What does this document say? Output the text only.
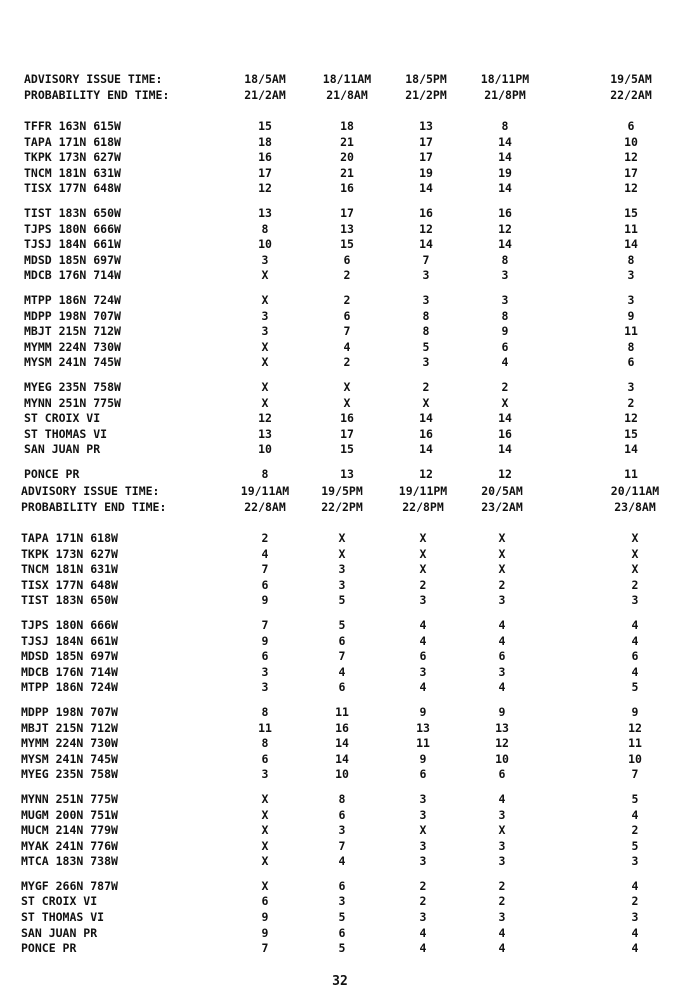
ADVISORY ISSUE TIME:	18/5AM	18/11AM	18/5PM	18/11PM	19/5AM
PROBABILITY END TIME:	21/2AM	21/8AM	21/2PM	21/8PM	22/2AM
TFFR 163N 615W	15	18	13	8	6
TAPA 171N 618W	18	21	17	14	10
TKPK 173N 627W	16	20	17	14	12
TNCM 181N 631W	17	21	19	19	17
TISX 177N 648W	12	16	14	14	12
TIST 183N 650W	13	17	16	16	15
TJPS 180N 666W	8	13	12	12	11
TJSJ 184N 661W	10	15	14	14	14
MDSD 185N 697W	3	6	7	8	8
MDCB 176N 714W	X	2	3	3	3
MTPP 186N 724W	X	2	3	3	3
MDPP 198N 707W	3	6	8	8	9
MBJT 215N 712W	3	7	8	9	11
MYMM 224N 730W	X	4	5	6	8
MYSM 241N 745W	X	2	3	4	6
MYEG 235N 758W	X	X	2	2	3
MYNN 251N 775W	X	X	X	X	2
ST CROIX VI	12	16	14	14	12
ST THOMAS VI	13	17	16	16	15
SAN JUAN PR	10	15	14	14	14
PONCE PR	8	13	12	12	11
ADVISORY ISSUE TIME:	19/11AM	19/5PM	19/11PM	20/5AM	20/11AM
PROBABILITY END TIME:	22/8AM	22/2PM	22/8PM	23/2AM	23/8AM
TAPA 171N 618W	2	X	X	X	X
TKPK 173N 627W	4	X	X	X	X
TNCM 181N 631W	7	3	X	X	X
TISX 177N 648W	6	3	2	2	2
TIST 183N 650W	9	5	3	3	3
TJPS 180N 666W	7	5	4	4	4
TJSJ 184N 661W	9	6	4	4	4
MDSD 185N 697W	6	7	6	6	6
MDCB 176N 714W	3	4	3	3	4
MTPP 186N 724W	3	6	4	4	5
MDPP 198N 707W	8	11	9	9	9
MBJT 215N 712W	11	16	13	13	12
MYMM 224N 730W	8	14	11	12	11
MYSM 241N 745W	6	14	9	10	10
MYEG 235N 758W	3	10	6	6	7
MYNN 251N 775W	X	8	3	4	5
MUGM 200N 751W	X	6	3	3	4
MUCM 214N 779W	X	3	X	X	2
MYAK 241N 776W	X	7	3	3	5
MTCA 183N 738W	X	4	3	3	3
MYGF 266N 787W	X	6	2	2	4
ST CROIX VI	6	3	2	2	2
ST THOMAS VI	9	5	3	3	3
SAN JUAN PR	9	6	4	4	4
PONCE PR	7	5	4	4	4
32
